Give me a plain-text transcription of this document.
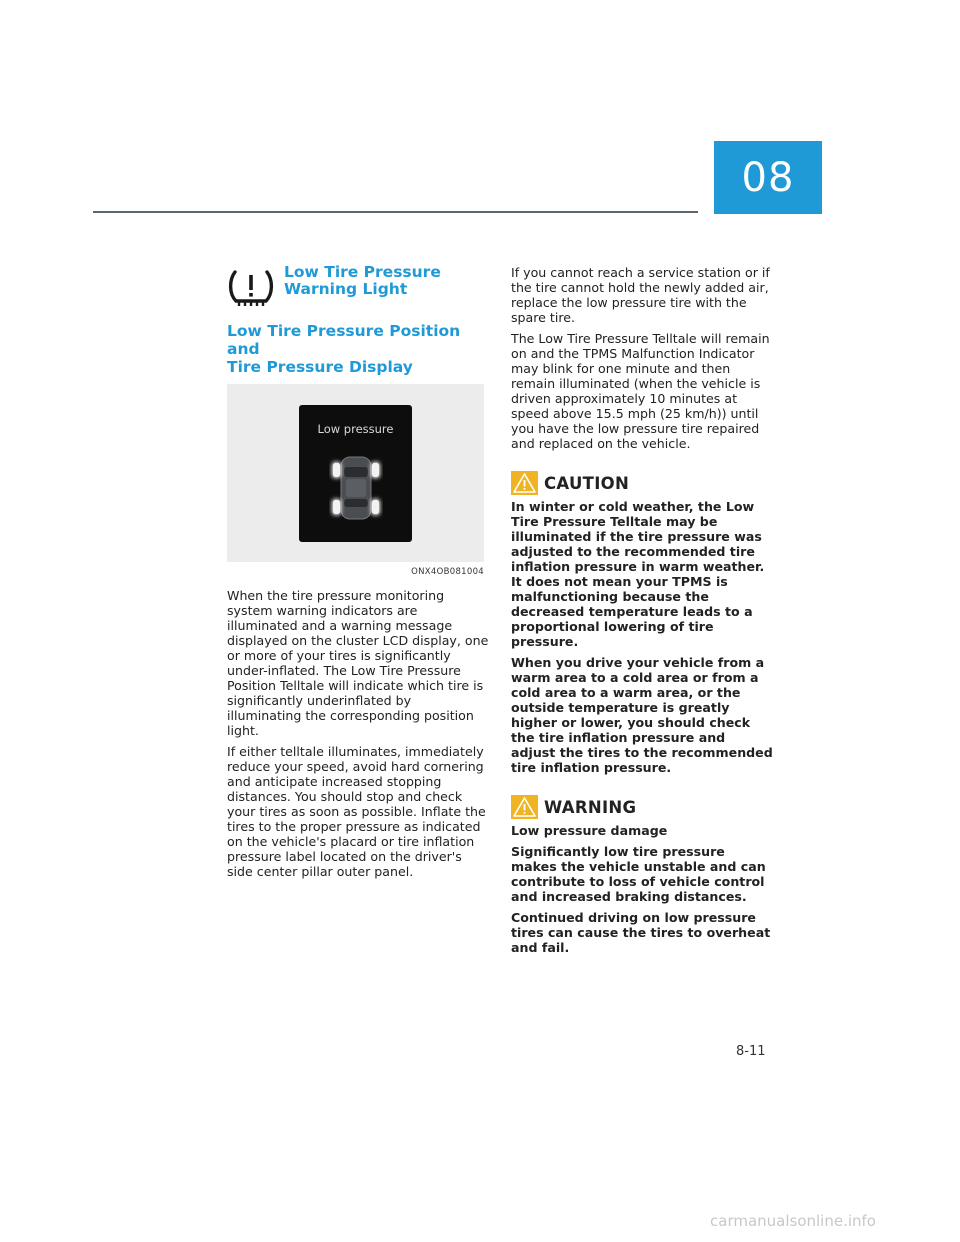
08
Low Tire Pressure
Warning Light
Low Tire Pressure Position and
Tire Pressure Display
Low pressure
ONX4OB081004

When the tire pressure monitoring system warning indicators are illuminated and a warning message displayed on the cluster LCD display, one or more of your tires is significantly under-inflated. The Low Tire Pressure Position Telltale will indicate which tire is significantly underinflated by illuminating the corresponding position light.

If either telltale illuminates, immediately reduce your speed, avoid hard cornering and anticipate increased stopping distances. You should stop and check your tires as soon as possible. Inflate the tires to the proper pressure as indicated on the vehicle's placard or tire inflation pressure label located on the driver's side center pillar outer panel.

If you cannot reach a service station or if the tire cannot hold the newly added air, replace the low pressure tire with the spare tire.

The Low Tire Pressure Telltale will remain on and the TPMS Malfunction Indicator may blink for one minute and then remain illuminated (when the vehicle is driven approximately 10 minutes at speed above 15.5 mph (25 km/h)) until you have the low pressure tire repaired and replaced on the vehicle.

CAUTION

In winter or cold weather, the Low Tire Pressure Telltale may be illuminated if the tire pressure was adjusted to the recommended tire inflation pressure in warm weather. It does not mean your TPMS is malfunctioning because the decreased temperature leads to a proportional lowering of tire pressure.

When you drive your vehicle from a warm area to a cold area or from a cold area to a warm area, or the outside temperature is greatly higher or lower, you should check the tire inflation pressure and adjust the tires to the recommended tire inflation pressure.

WARNING

Low pressure damage

Significantly low tire pressure makes the vehicle unstable and can contribute to loss of vehicle control and increased braking distances.

Continued driving on low pressure tires can cause the tires to overheat and fail.

8-11
carmanualsonline.info
